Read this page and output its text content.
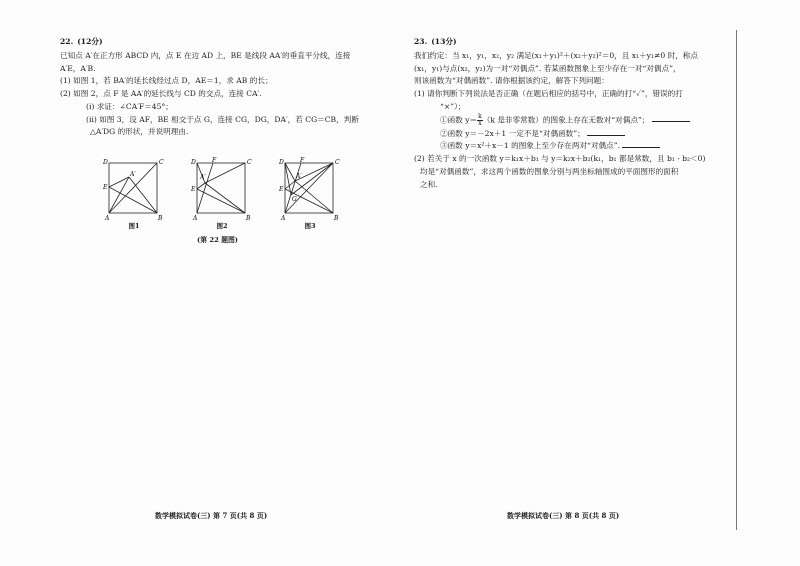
22. (12分)
已知点 A′在正方形 ABCD 内，点 E 在边 AD 上，BE 是线段 AA′的垂直平分线，连接
A′E，A′B.
(1) 如图 1，若 BA′的延长线经过点 D，AE＝1，求 AB 的长；
(2) 如图 2，点 F 是 AA′的延长线与 CD 的交点，连接 CA′.
(ⅰ) 求证：∠CA′F＝45°；
(ⅱ) 如图 3，设 AF，BE 相交于点 G，连接 CG，DG，DA′，若 CG＝CB，判断
△A′DG 的形状，并说明理由.
D	C
E
A′
A	B
D	F	C
E
A′
A	B
D	F	C
E
A′
G
A	B
图1	图2	图3
(第 22 题图)
23. (13分)
我们约定：当 x₁，y₁，x₂，y₂ 满足(x₁＋y₁)²＋(x₂＋y₂)²＝0，且 x₁＋y₁≠0 时，称点
(x₁，y₁)与点(x₂，y₂)为一对“对偶点”. 若某函数图象上至少存在一对“对偶点”，
则该函数为“对偶函数”. 请你根据该约定，解答下列问题：
(1) 请你判断下列说法是否正确（在题后相应的括号中，正确的打“✓”，错误的打
“×”）；
①函数 $y= \frac{k}{x} (k$ 是非零常数）的图象上存在无数对“对偶点”；
②函数 y＝－2x＋1 一定不是“对偶函数”；
③函数 y＝x²＋x－1 的图象上至少存在两对“对偶点”.
(2) 若关于 x 的一次函数 y＝k₁x＋b₁ 与 y＝k₂x＋b₂(k₁，b₁ 都是常数，且 b₁ · b₂＜0)
均是“对偶函数”，求这两个函数的图象分别与两坐标轴围成的平面图形的面积
之和.
数学模拟试卷(三) 第 7 页(共 8 页)	数学模拟试卷(三) 第 8 页(共 8 页)
